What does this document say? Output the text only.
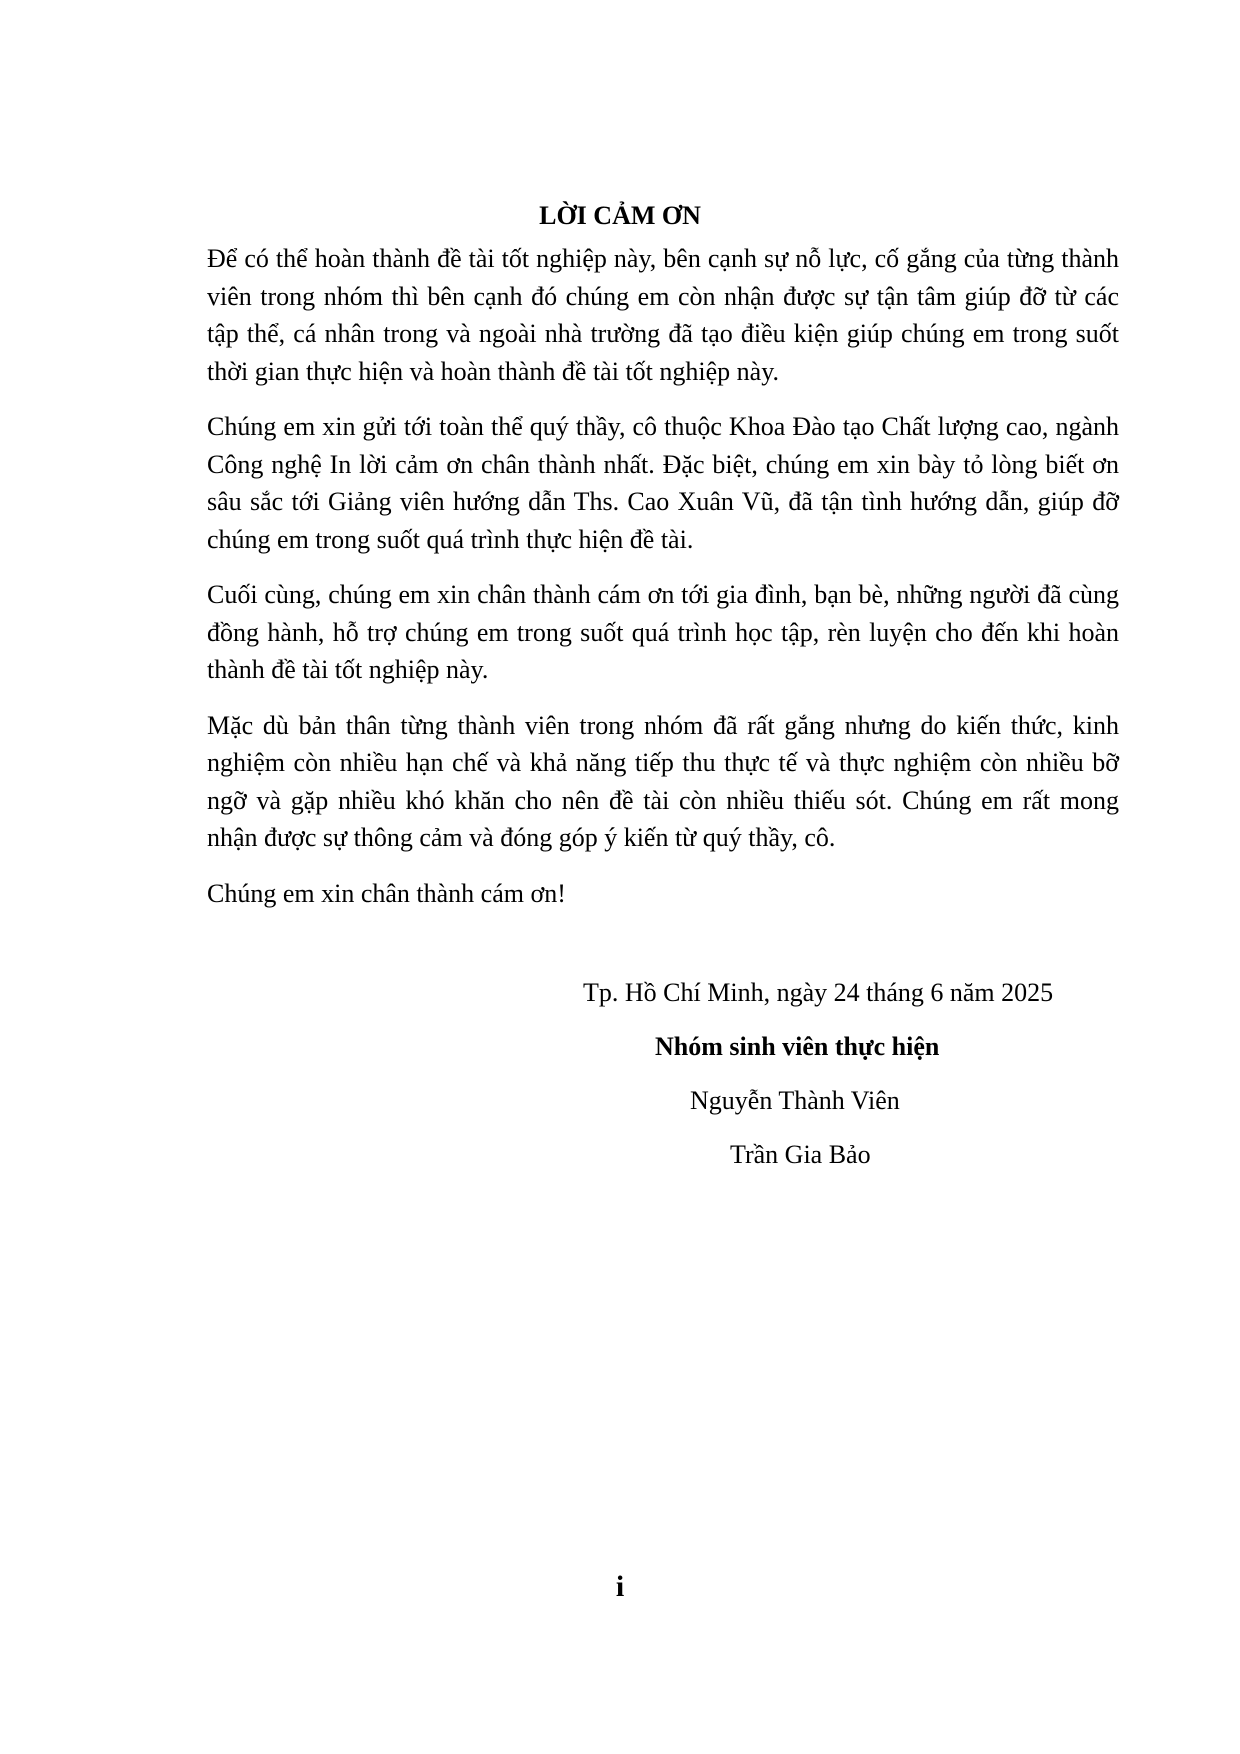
LỜI CẢM ƠN

Để có thể hoàn thành đề tài tốt nghiệp này, bên cạnh sự nỗ lực, cố gắng của từng thành viên trong nhóm thì bên cạnh đó chúng em còn nhận được sự tận tâm giúp đỡ từ các tập thể, cá nhân trong và ngoài nhà trường đã tạo điều kiện giúp chúng em trong suốt thời gian thực hiện và hoàn thành đề tài tốt nghiệp này.

Chúng em xin gửi tới toàn thể quý thầy, cô thuộc Khoa Đào tạo Chất lượng cao, ngành Công nghệ In lời cảm ơn chân thành nhất. Đặc biệt, chúng em xin bày tỏ lòng biết ơn sâu sắc tới Giảng viên hướng dẫn Ths. Cao Xuân Vũ, đã tận tình hướng dẫn, giúp đỡ chúng em trong suốt quá trình thực hiện đề tài.

Cuối cùng, chúng em xin chân thành cám ơn tới gia đình, bạn bè, những người đã cùng đồng hành, hỗ trợ chúng em trong suốt quá trình học tập, rèn luyện cho đến khi hoàn thành đề tài tốt nghiệp này.

Mặc dù bản thân từng thành viên trong nhóm đã rất gắng nhưng do kiến thức, kinh nghiệm còn nhiều hạn chế và khả năng tiếp thu thực tế và thực nghiệm còn nhiều bỡ ngỡ và gặp nhiều khó khăn cho nên đề tài còn nhiều thiếu sót. Chúng em rất mong nhận được sự thông cảm và đóng góp ý kiến từ quý thầy, cô.

Chúng em xin chân thành cám ơn!

Tp. Hồ Chí Minh, ngày 24 tháng 6 năm 2025

Nhóm sinh viên thực hiện

Nguyễn Thành Viên

Trần Gia Bảo

i
